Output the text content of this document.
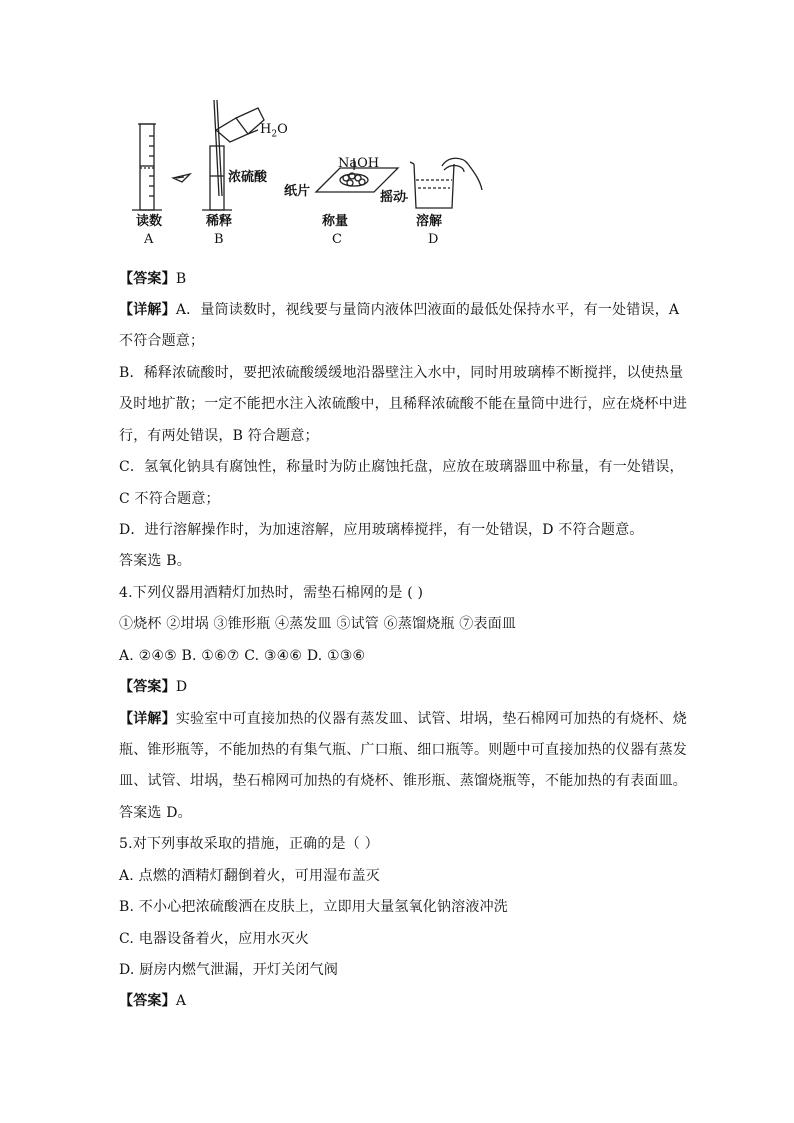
$H_2O$
浓硫酸
NaOH
纸片	摇动
读数	稀释	称量	溶解
A	B	C	D
【答案】B
【详解】A．量筒读数时，视线要与量筒内液体凹液面的最低处保持水平，有一处错误，A
不符合题意；
B．稀释浓硫酸时，要把浓硫酸缓缓地沿器壁注入水中，同时用玻璃棒不断搅拌，以使热量
及时地扩散；一定不能把水注入浓硫酸中，且稀释浓硫酸不能在量筒中进行，应在烧杯中进
行，有两处错误，B 符合题意；
C．氢氧化钠具有腐蚀性，称量时为防止腐蚀托盘，应放在玻璃器皿中称量，有一处错误，
C 不符合题意；
D．进行溶解操作时，为加速溶解，应用玻璃棒搅拌，有一处错误，D 不符合题意。
答案选 B。
4.下列仪器用酒精灯加热时，需垫石棉网的是 ( )
①烧杯 ②坩埚 ③锥形瓶 ④蒸发皿 ⑤试管 ⑥蒸馏烧瓶 ⑦表面皿
A. ②④⑤ B. ①⑥⑦ C. ③④⑥ D. ①③⑥
【答案】D
【详解】实验室中可直接加热的仪器有蒸发皿、试管、坩埚，垫石棉网可加热的有烧杯、烧
瓶、锥形瓶等，不能加热的有集气瓶、广口瓶、细口瓶等。则题中可直接加热的仪器有蒸发
皿、试管、坩埚，垫石棉网可加热的有烧杯、锥形瓶、蒸馏烧瓶等，不能加热的有表面皿。
答案选 D。
5.对下列事故采取的措施，正确的是（ ）
A. 点燃的酒精灯翻倒着火，可用湿布盖灭
B. 不小心把浓硫酸洒在皮肤上，立即用大量氢氧化钠溶液冲洗
C. 电器设备着火，应用水灭火
D. 厨房内燃气泄漏，开灯关闭气阀
【答案】A
